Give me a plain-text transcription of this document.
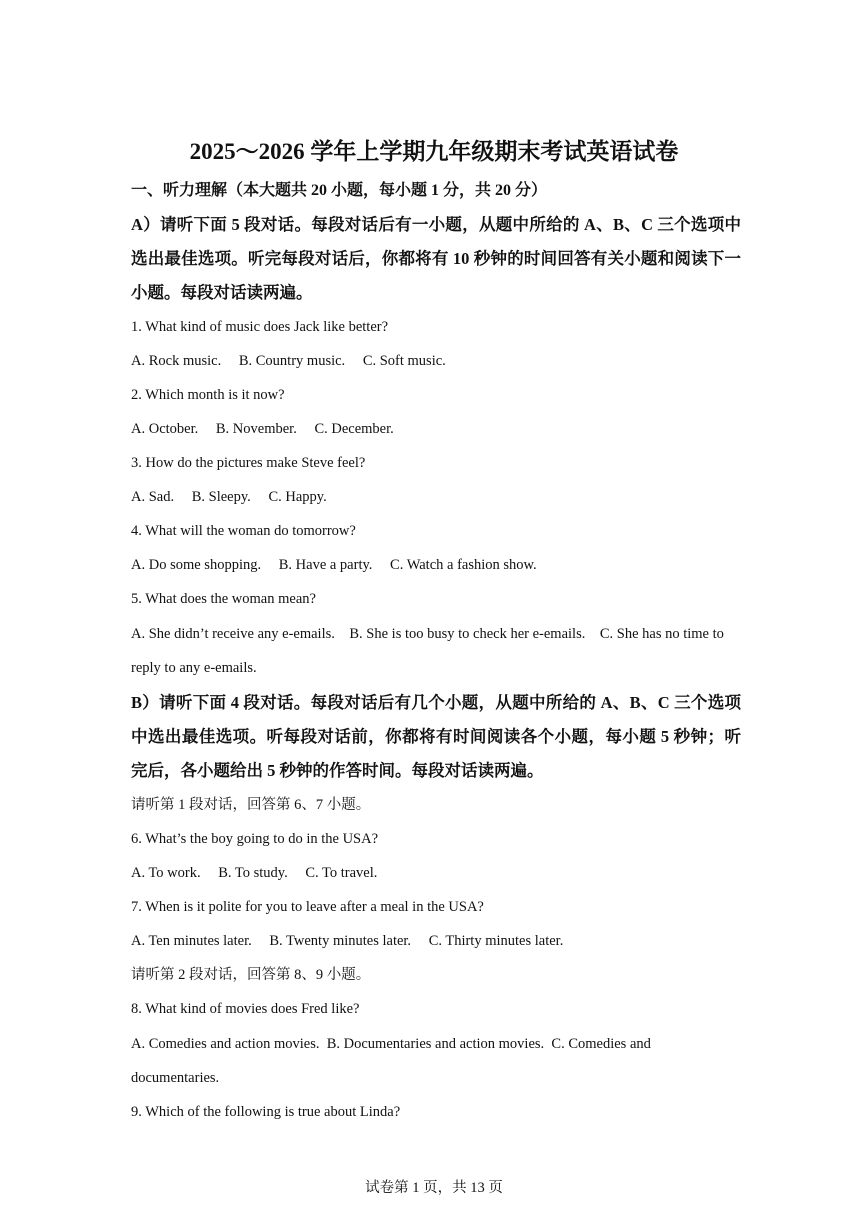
2025～2026 学年上学期九年级期末考试英语试卷
一、听力理解（本大题共 20 小题，每小题 1 分，共 20 分）
A）请听下面 5 段对话。每段对话后有一小题，从题中所给的 A、B、C 三个选项中选出最佳选项。听完每段对话后，你都将有 10 秒钟的时间回答有关小题和阅读下一小题。每段对话读两遍。
1. What kind of music does Jack like better?
A. Rock music. B. Country music. C. Soft music.
2. Which month is it now?
A. October. B. November. C. December.
3. How do the pictures make Steve feel?
A. Sad. B. Sleepy. C. Happy.
4. What will the woman do tomorrow?
A. Do some shopping. B. Have a party. C. Watch a fashion show.
5. What does the woman mean?
A. She didn’t receive any e-emails.    B. She is too busy to check her e-emails.    C. She has no time to reply to any e-emails.
B）请听下面 4 段对话。每段对话后有几个小题，从题中所给的 A、B、C 三个选项中选出最佳选项。听每段对话前，你都将有时间阅读各个小题，每小题 5 秒钟；听完后，各小题给出 5 秒钟的作答时间。每段对话读两遍。
请听第 1 段对话，回答第 6、7 小题。
6. What’s the boy going to do in the USA?
A. To work. B. To study. C. To travel.
7. When is it polite for you to leave after a meal in the USA?
A. Ten minutes later. B. Twenty minutes later. C. Thirty minutes later.
请听第 2 段对话，回答第 8、9 小题。
8. What kind of movies does Fred like?
A. Comedies and action movies.  B. Documentaries and action movies.  C. Comedies and documentaries.
9. Which of the following is true about Linda?
试卷第 1 页，共 13 页
